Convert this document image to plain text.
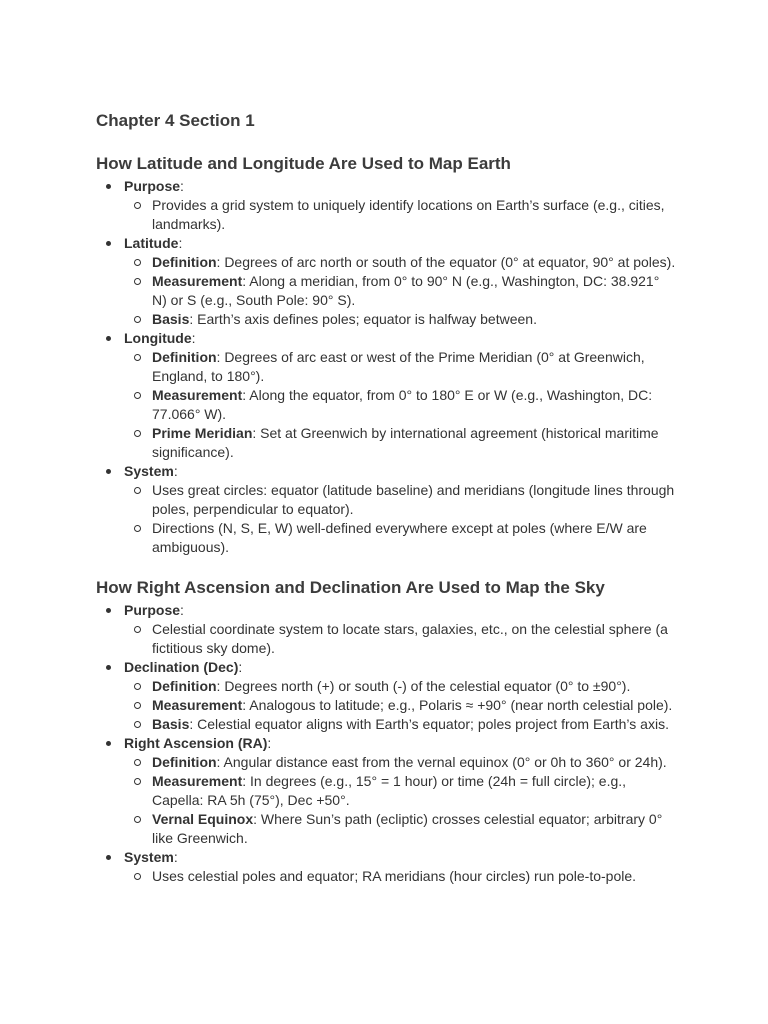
Chapter 4 Section 1
How Latitude and Longitude Are Used to Map Earth
Purpose:
Provides a grid system to uniquely identify locations on Earth’s surface (e.g., cities, landmarks).
Latitude:
Definition: Degrees of arc north or south of the equator (0° at equator, 90° at poles).
Measurement: Along a meridian, from 0° to 90° N (e.g., Washington, DC: 38.921° N) or S (e.g., South Pole: 90° S).
Basis: Earth’s axis defines poles; equator is halfway between.
Longitude:
Definition: Degrees of arc east or west of the Prime Meridian (0° at Greenwich, England, to 180°).
Measurement: Along the equator, from 0° to 180° E or W (e.g., Washington, DC: 77.066° W).
Prime Meridian: Set at Greenwich by international agreement (historical maritime significance).
System:
Uses great circles: equator (latitude baseline) and meridians (longitude lines through poles, perpendicular to equator).
Directions (N, S, E, W) well-defined everywhere except at poles (where E/W are ambiguous).
How Right Ascension and Declination Are Used to Map the Sky
Purpose:
Celestial coordinate system to locate stars, galaxies, etc., on the celestial sphere (a fictitious sky dome).
Declination (Dec):
Definition: Degrees north (+) or south (-) of the celestial equator (0° to ±90°).
Measurement: Analogous to latitude; e.g., Polaris ≈ +90° (near north celestial pole).
Basis: Celestial equator aligns with Earth’s equator; poles project from Earth’s axis.
Right Ascension (RA):
Definition: Angular distance east from the vernal equinox (0° or 0h to 360° or 24h).
Measurement: In degrees (e.g., 15° = 1 hour) or time (24h = full circle); e.g., Capella: RA 5h (75°), Dec +50°.
Vernal Equinox: Where Sun’s path (ecliptic) crosses celestial equator; arbitrary 0° like Greenwich.
System:
Uses celestial poles and equator; RA meridians (hour circles) run pole-to-pole.
